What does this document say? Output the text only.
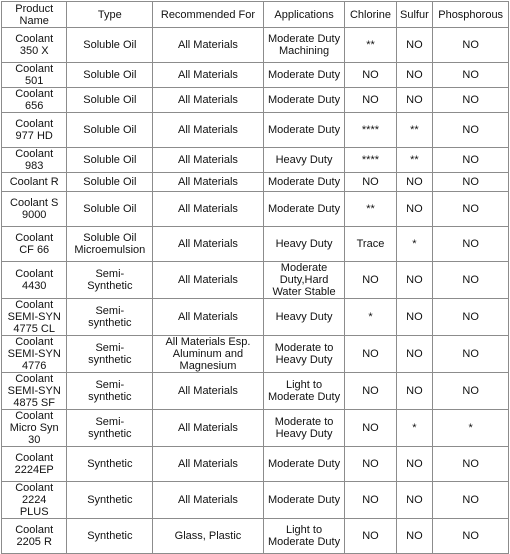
Product
Name	Type	Recommended For	Applications	Chlorine	Sulfur	Phosphorous
Coolant
350 X	Soluble Oil	All Materials	Moderate Duty
Machining	**	NO	NO
Coolant
501	Soluble Oil	All Materials	Moderate Duty	NO	NO	NO
Coolant
656	Soluble Oil	All Materials	Moderate Duty	NO	NO	NO
Coolant
977 HD	Soluble Oil	All Materials	Moderate Duty	****	**	NO
Coolant
983	Soluble Oil	All Materials	Heavy Duty	****	**	NO
Coolant R	Soluble Oil	All Materials	Moderate Duty	NO	NO	NO
Coolant S
9000	Soluble Oil	All Materials	Moderate Duty	**	NO	NO
Coolant
CF 66	Soluble Oil
Microemulsion	All Materials	Heavy Duty	Trace	*	NO
Coolant
4430	Semi-
Synthetic	All Materials	Moderate
Duty,Hard
Water Stable	NO	NO	NO
Coolant
SEMI-SYN
4775 CL	Semi-
synthetic	All Materials	Heavy Duty	*	NO	NO
Coolant
SEMI-SYN
4776	Semi-
synthetic	All Materials Esp.
Aluminum and
Magnesium	Moderate to
Heavy Duty	NO	NO	NO
Coolant
SEMI-SYN
4875 SF	Semi-
synthetic	All Materials	Light to
Moderate Duty	NO	NO	NO
Coolant
Micro Syn
30	Semi-
synthetic	All Materials	Moderate to
Heavy Duty	NO	*	*
Coolant
2224EP	Synthetic	All Materials	Moderate Duty	NO	NO	NO
Coolant
2224
PLUS	Synthetic	All Materials	Moderate Duty	NO	NO	NO
Coolant
2205 R	Synthetic	Glass, Plastic	Light to
Moderate Duty	NO	NO	NO
